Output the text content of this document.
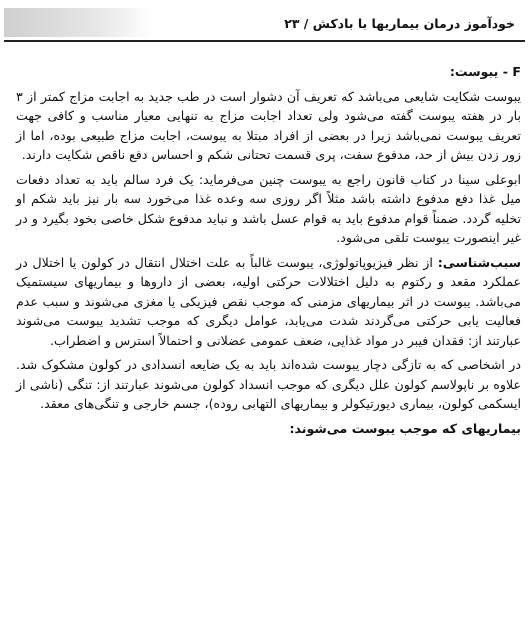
خودآموز درمان بیماریها با بادکش / ۲۳

F - یبوست:

یبوست شکایت شایعی می‌باشد که تعریف آن دشوار است در طب جدید به اجابت مزاج کمتر از ۳ بار در هفته یبوست گفته می‌شود ولی تعداد اجابت مزاج به تنهایی معیار مناسب و کافی جهت تعریف یبوست نمی‌باشد زیرا در بعضی از افراد مبتلا به یبوست، اجابت مزاج طبیعی بوده، اما از زور زدن بیش از حد، مدفوع سفت، پری قسمت تحتانی شکم و احساس دفع ناقص شکایت دارند.

ابوعلی سینا در کتاب قانون راجع به یبوست چنین می‌فرماید: یک فرد سالم باید به تعداد دفعات میل غذا دفع مدفوع داشته باشد مثلاً اگر روزی سه وعده غذا می‌خورد سه بار نیز باید شکم او تخلیه گردد. ضمناً قوام مدفوع باید به قوام عسل باشد و نباید مدفوع شکل خاصی بخود بگیرد و در غیر اینصورت یبوست تلقی می‌شود.

سبب‌شناسی: از نظر فیزیوپاتولوژی، یبوست غالباً به علت اختلال انتقال در کولون یا اختلال در عملکرد مقعد و رکتوم به دلیل اختلالات حرکتی اولیه، بعضی از داروها و بیماریهای سیستمیک می‌باشد. یبوست در اثر بیماریهای مزمنی که موجب نقص فیزیکی یا مغزی می‌شوند و سبب عدم فعالیت یابی حرکتی می‌گردند شدت می‌یابد، عوامل دیگری که موجب تشدید یبوست می‌شوند عبارتند از: فقدان فیبر در مواد غذایی، ضعف عمومی عضلانی و احتمالاً استرس و اضطراب.

در اشخاصی که به تازگی دچار یبوست شده‌اند باید به یک ضایعه انسدادی در کولون مشکوک شد. علاوه بر ناپولاسم کولون علل دیگری که موجب انسداد کولون می‌شوند عبارتند از: تنگی (ناشی از ایسکمی کولون، بیماری دیورتیکولر و بیماریهای التهابی روده)، جسم خارجی و تنگی‌های معقد.

بیماریهای که موجب یبوست می‌شوند:
